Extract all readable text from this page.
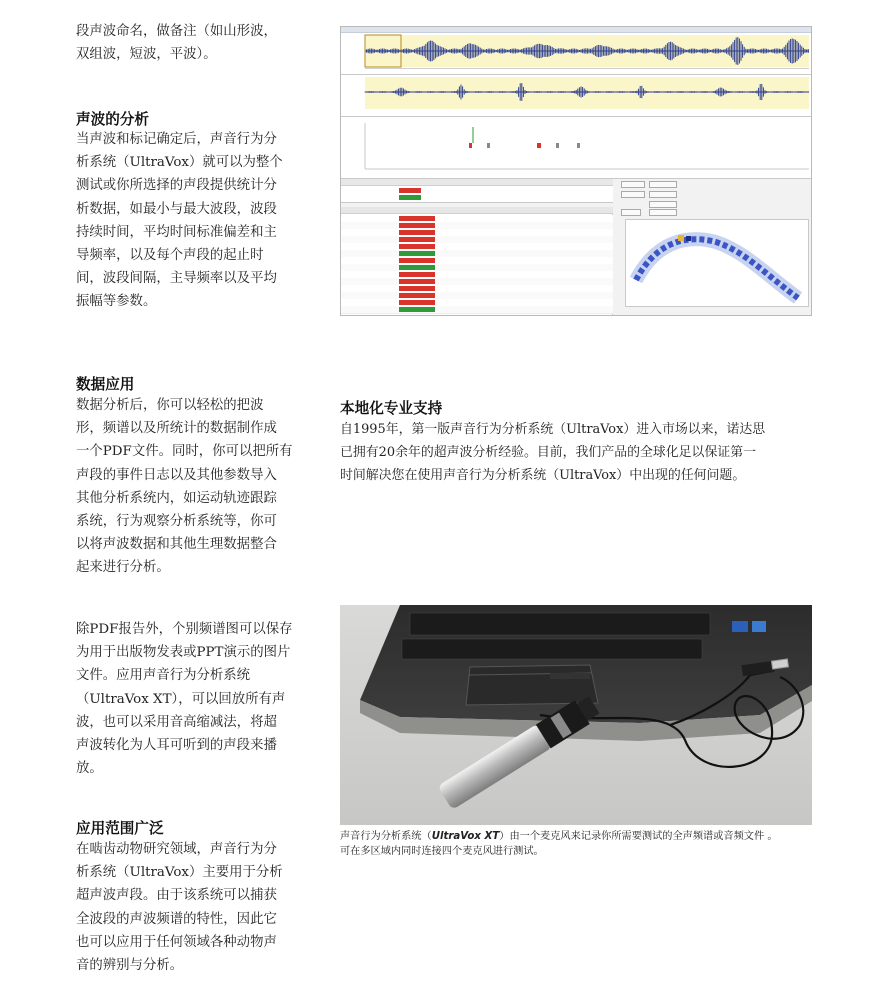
段声波命名，做备注（如山形波，
双组波，短波，平波）。
声波的分析
当声波和标记确定后，声音行为分
析系统（UltraVox）就可以为整个
测试或你所选择的声段提供统计分
析数据，如最小与最大波段，波段
持续时间，平均时间标准偏差和主
导频率，以及每个声段的起止时
间，波段间隔，主导频率以及平均
振幅等参数。
数据应用
数据分析后，你可以轻松的把波
形，频谱以及所统计的数据制作成
一个PDF文件。同时，你可以把所有
声段的事件日志以及其他参数导入
其他分析系统内，如运动轨迹跟踪
系统，行为观察分析系统等，你可
以将声波数据和其他生理数据整合
起来进行分析。
除PDF报告外，个别频谱图可以保存
为用于出版物发表或PPT演示的图片
文件。应用声音行为分析系统
（UltraVox XT），可以回放所有声
波，也可以采用音高缩减法，将超
声波转化为人耳可听到的声段来播
放。
应用范围广泛
在啮齿动物研究领域，声音行为分
析系统（UltraVox）主要用于分析
超声波声段。由于该系统可以捕获
全波段的声波频谱的特性，因此它
也可以应用于任何领域各种动物声
音的辨别与分析。
本地化专业支持
自1995年，第一版声音行为分析系统（UltraVox）进入市场以来，诺达思
已拥有20余年的超声波分析经验。目前，我们产品的全球化足以保证第一
时间解决您在使用声音行为分析系统（UltraVox）中出现的任何问题。
声音行为分析系统（UltraVox XT）由一个麦克风来记录你所需要测试的全声频谱或音频文件 。
可在多区域内同时连接四个麦克风进行测试。
